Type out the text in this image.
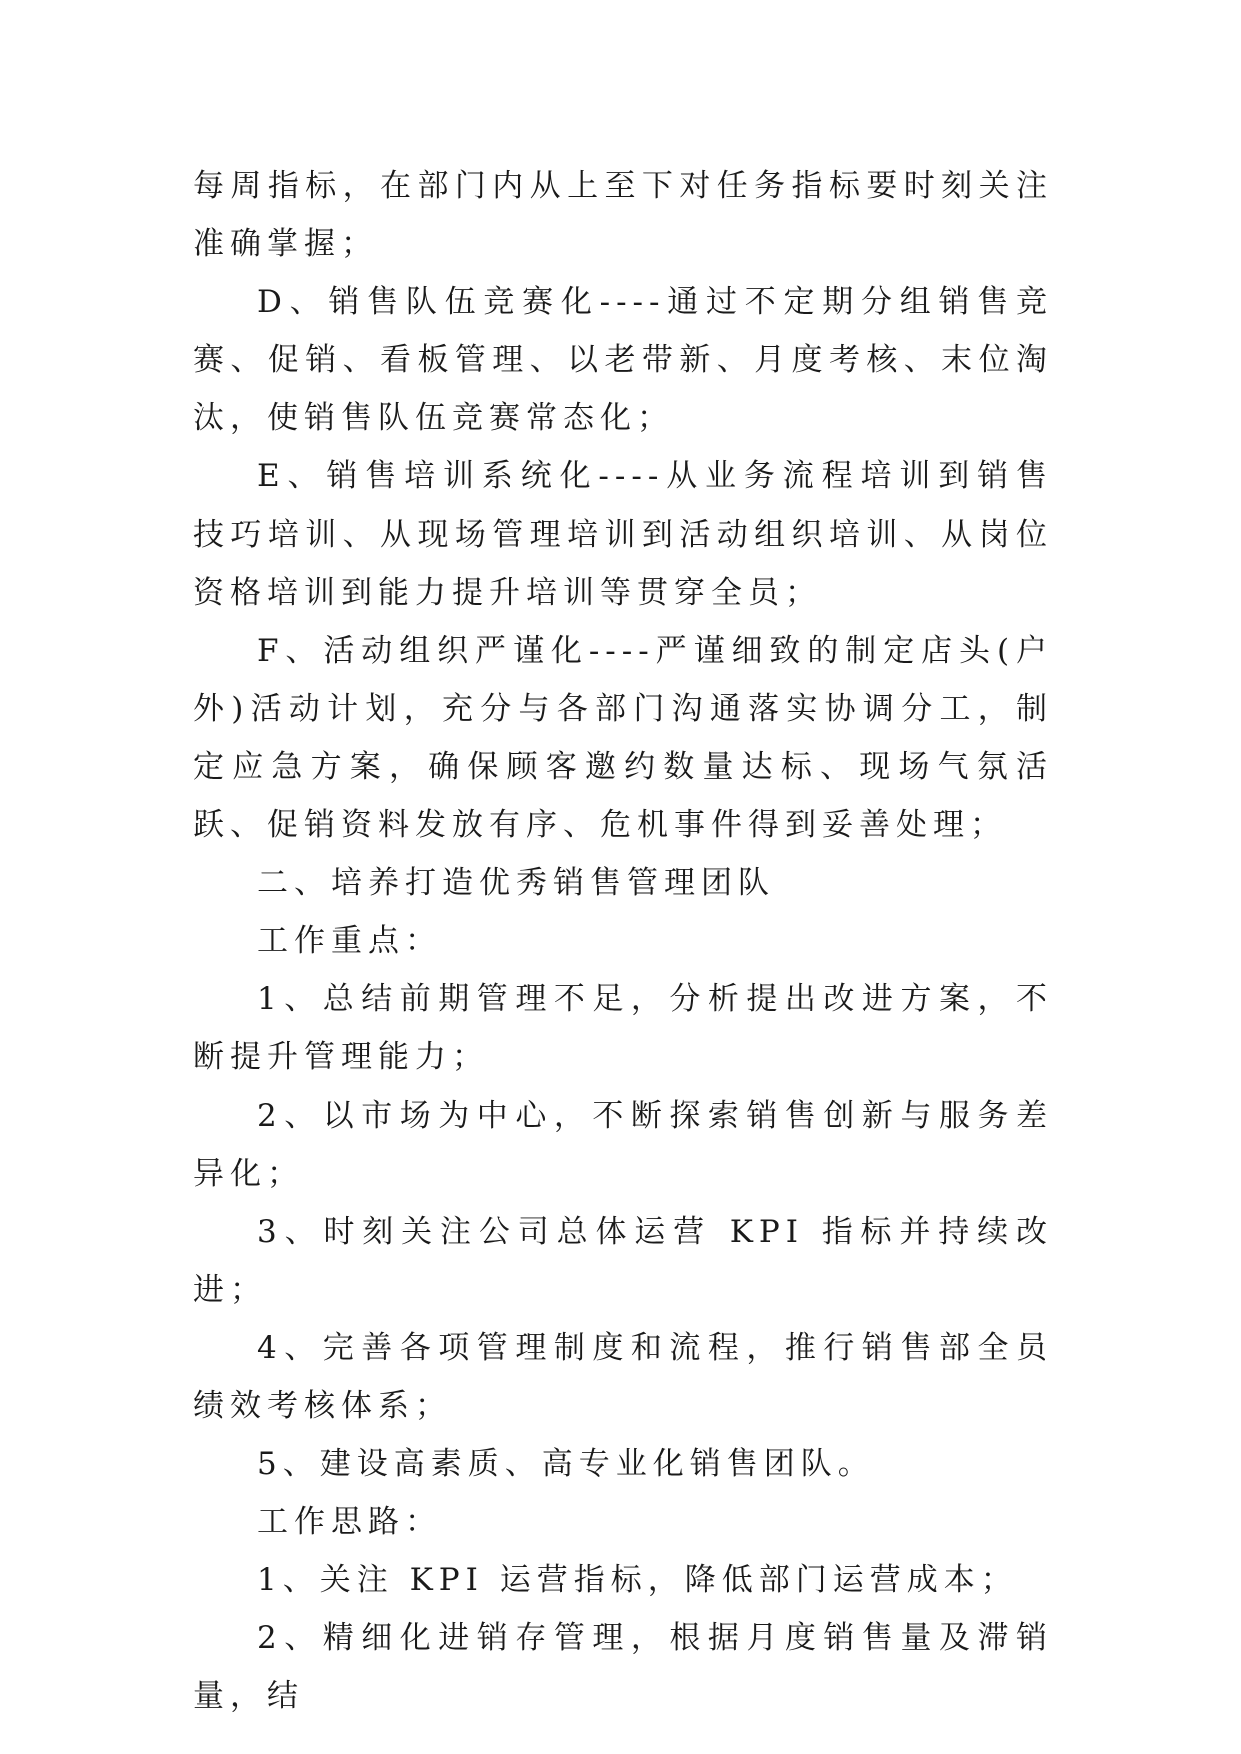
每周指标，在部门内从上至下对任务指标要时刻关注准确掌握；

D、销售队伍竞赛化----通过不定期分组销售竞赛、促销、看板管理、以老带新、月度考核、末位淘汰，使销售队伍竞赛常态化；

E、销售培训系统化----从业务流程培训到销售技巧培训、从现场管理培训到活动组织培训、从岗位资格培训到能力提升培训等贯穿全员；

F、活动组织严谨化----严谨细致的制定店头(户外)活动计划，充分与各部门沟通落实协调分工，制定应急方案，确保顾客邀约数量达标、现场气氛活跃、促销资料发放有序、危机事件得到妥善处理；

二、培养打造优秀销售管理团队

工作重点：

1、总结前期管理不足，分析提出改进方案，不断提升管理能力；

2、以市场为中心，不断探索销售创新与服务差异化；

3、时刻关注公司总体运营 KPI 指标并持续改进；

4、完善各项管理制度和流程，推行销售部全员绩效考核体系；

5、建设高素质、高专业化销售团队。

工作思路：

1、关注 KPI 运营指标，降低部门运营成本；

2、精细化进销存管理，根据月度销售量及滞销量，结
